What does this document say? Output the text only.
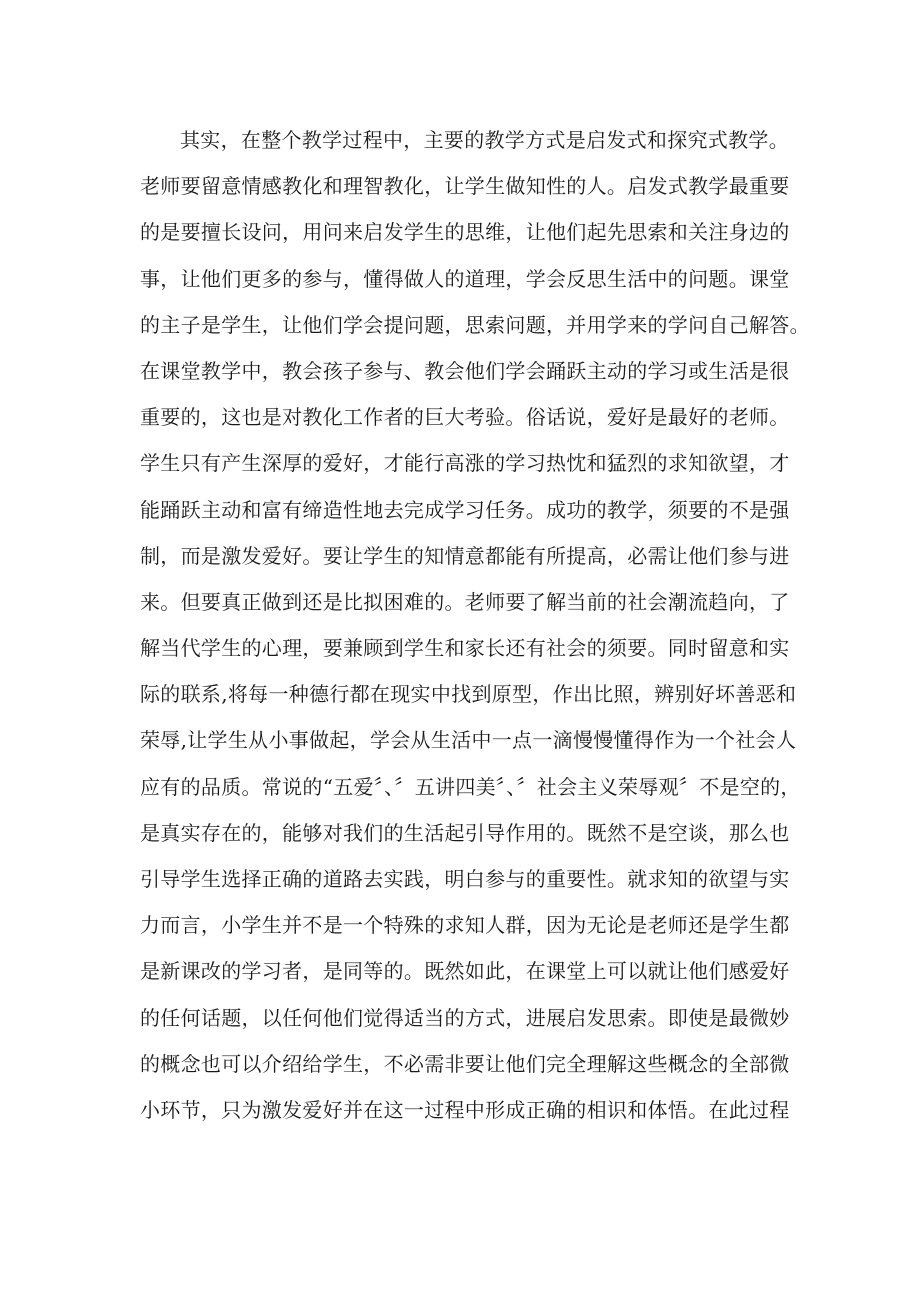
其实，在整个教学过程中，主要的教学方式是启发式和探究式教学。
老师要留意情感教化和理智教化，让学生做知性的人。启发式教学最重要
的是要擅长设问，用问来启发学生的思维，让他们起先思索和关注身边的
事，让他们更多的参与，懂得做人的道理，学会反思生活中的问题。课堂
的主子是学生，让他们学会提问题，思索问题，并用学来的学问自己解答。
在课堂教学中，教会孩子参与、教会他们学会踊跃主动的学习或生活是很
重要的，这也是对教化工作者的巨大考验。俗话说，爱好是最好的老师。
学生只有产生深厚的爱好，才能行高涨的学习热忱和猛烈的求知欲望，才
能踊跃主动和富有缔造性地去完成学习任务。成功的教学，须要的不是强
制，而是激发爱好。要让学生的知情意都能有所提高，必需让他们参与进
来。但要真正做到还是比拟困难的。老师要了解当前的社会潮流趋向，了
解当代学生的心理，要兼顾到学生和家长还有社会的须要。同时留意和实
际的联系,将每一种德行都在现实中找到原型，作出比照，辨别好坏善恶和
荣辱,让学生从小事做起，学会从生活中一点一滴慢慢懂得作为一个社会人
应有的品质。常说的“五爱〞、〞五讲四美〞、〞社会主义荣辱观〞不是空的，
是真实存在的，能够对我们的生活起引导作用的。既然不是空谈，那么也
引导学生选择正确的道路去实践，明白参与的重要性。就求知的欲望与实
力而言，小学生并不是一个特殊的求知人群，因为无论是老师还是学生都
是新课改的学习者，是同等的。既然如此，在课堂上可以就让他们感爱好
的任何话题，以任何他们觉得适当的方式，进展启发思索。即使是最微妙
的概念也可以介绍给学生，不必需非要让他们完全理解这些概念的全部微
小环节，只为激发爱好并在这一过程中形成正确的相识和体悟。在此过程
